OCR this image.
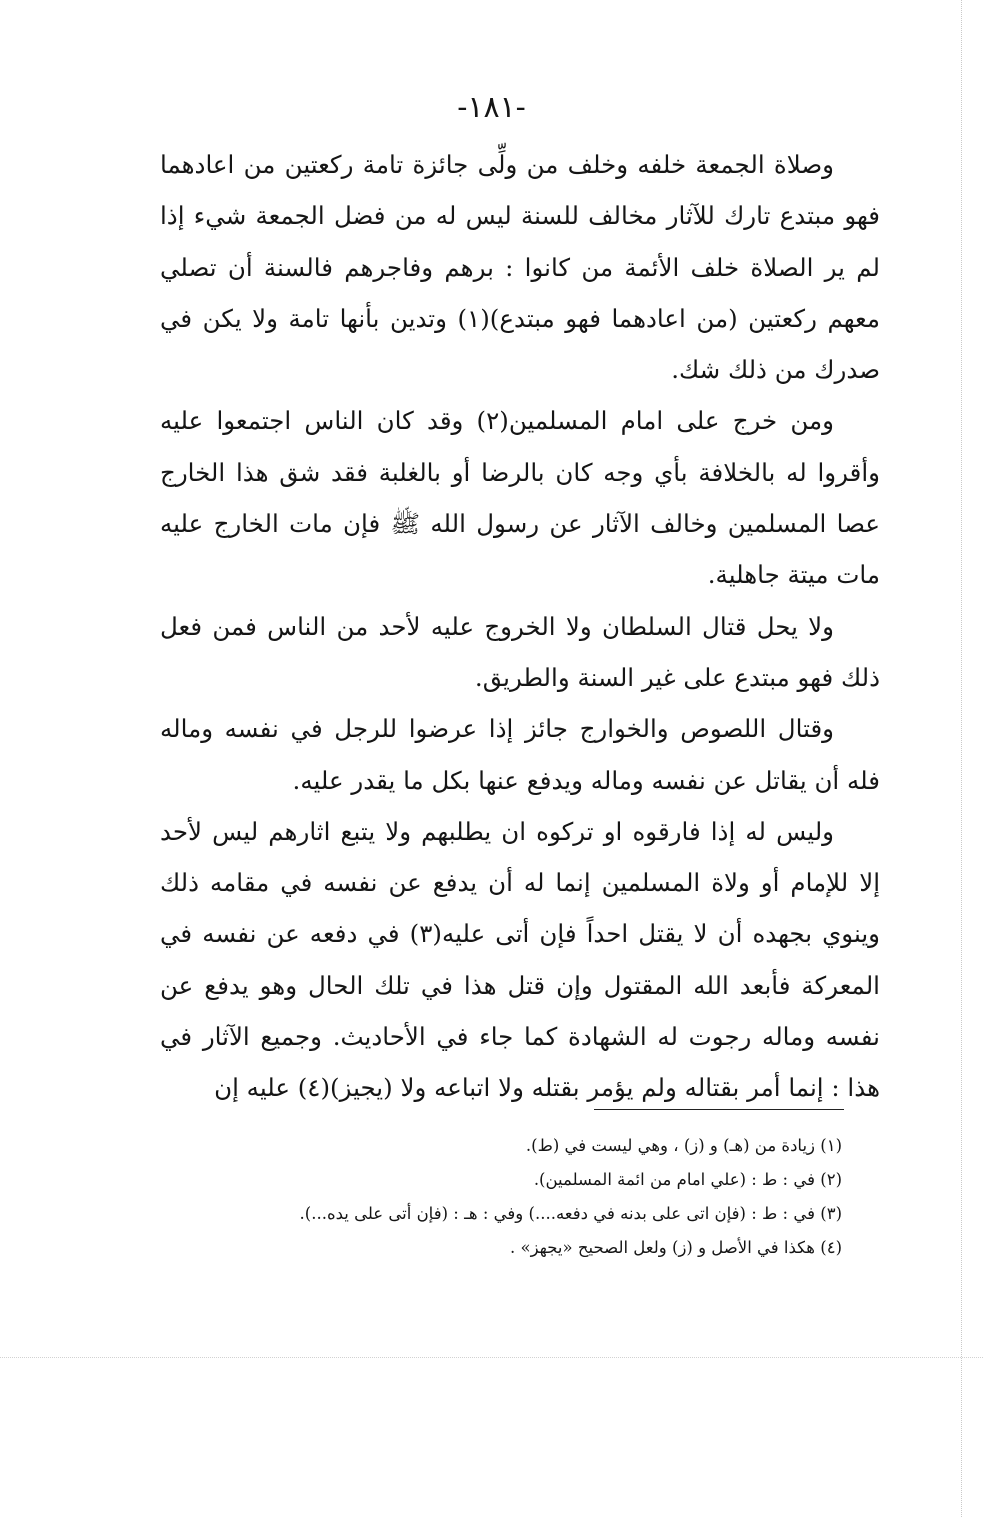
-١٨١-

وصلاة الجمعة خلفه وخلف من ولِّى جائزة تامة ركعتين من اعادهما فهو مبتدع تارك للآثار مخالف للسنة ليس له من فضل الجمعة شيء إذا لم ير الصلاة خلف الأئمة من كانوا : برهم وفاجرهم فالسنة أن تصلي معهم ركعتين (من اعادهما فهو مبتدع)(١) وتدين بأنها تامة ولا يكن في صدرك من ذلك شك.

ومن خرج على امام المسلمين(٢) وقد كان الناس اجتمعوا عليه وأقروا له بالخلافة بأي وجه كان بالرضا أو بالغلبة فقد شق هذا الخارج عصا المسلمين وخالف الآثار عن رسول الله ﷺ فإن مات الخارج عليه مات ميتة جاهلية.

ولا يحل قتال السلطان ولا الخروج عليه لأحد من الناس فمن فعل ذلك فهو مبتدع على غير السنة والطريق.

وقتال اللصوص والخوارج جائز إذا عرضوا للرجل في نفسه وماله فله أن يقاتل عن نفسه وماله ويدفع عنها بكل ما يقدر عليه.

وليس له إذا فارقوه او تركوه ان يطلبهم ولا يتبع اثارهم ليس لأحد إلا للإمام أو ولاة المسلمين إنما له أن يدفع عن نفسه في مقامه ذلك وينوي بجهده أن لا يقتل احداً فإن أتى عليه(٣) في دفعه عن نفسه في المعركة فأبعد الله المقتول وإن قتل هذا في تلك الحال وهو يدفع عن نفسه وماله رجوت له الشهادة كما جاء في الأحاديث. وجميع الآثار في هذا : إنما أمر بقتاله ولم يؤمر بقتله ولا اتباعه ولا (يجيز)(٤) عليه إن

(١) زيادة من (هـ) و (ز) ، وهي ليست في (ط).

(٢) في : ط : (علي امام من ائمة المسلمين).

(٣) في : ط : (فإن اتى على بدنه في دفعه....) وفي : هـ : (فإن أتى على يده...).

(٤) هكذا في الأصل و (ز) ولعل الصحيح «يجهز» .
